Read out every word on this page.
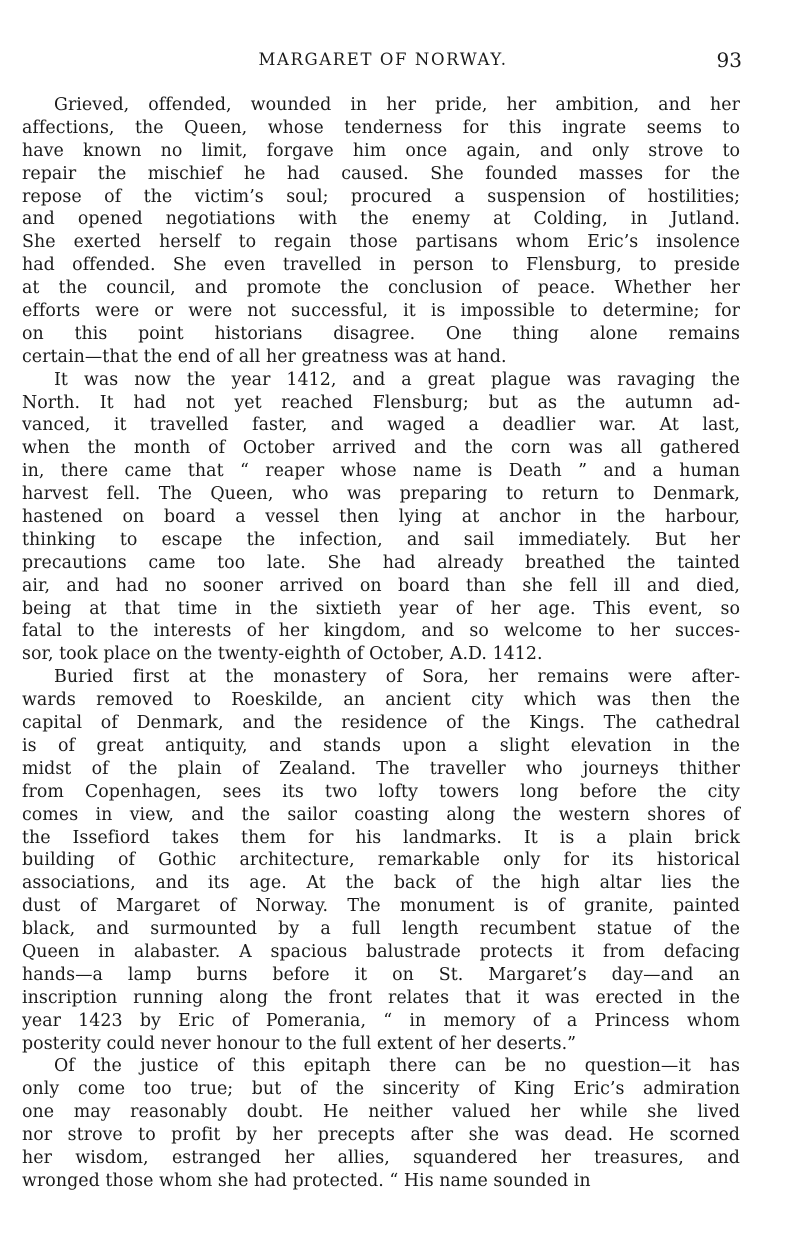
MARGARET OF NORWAY.	93
Grieved, offended, wounded in her pride, her ambition, and her
affections, the Queen, whose tenderness for this ingrate seems to
have known no limit, forgave him once again, and only strove to
repair the mischief he had caused. She founded masses for the
repose of the victim’s soul; procured a suspension of hostilities;
and opened negotiations with the enemy at Colding, in Jutland.
She exerted herself to regain those partisans whom Eric’s insolence
had offended. She even travelled in person to Flensburg, to preside
at the council, and promote the conclusion of peace. Whether her
efforts were or were not successful, it is impossible to determine; for
on this point historians disagree. One thing alone remains
certain—that the end of all her greatness was at hand.
It was now the year 1412, and a great plague was ravaging the
North. It had not yet reached Flensburg; but as the autumn ad-
vanced, it travelled faster, and waged a deadlier war. At last,
when the month of October arrived and the corn was all gathered
in, there came that “ reaper whose name is Death ” and a human
harvest fell. The Queen, who was preparing to return to Denmark,
hastened on board a vessel then lying at anchor in the harbour,
thinking to escape the infection, and sail immediately. But her
precautions came too late. She had already breathed the tainted
air, and had no sooner arrived on board than she fell ill and died,
being at that time in the sixtieth year of her age. This event, so
fatal to the interests of her kingdom, and so welcome to her succes-
sor, took place on the twenty-eighth of October, A.D. 1412.
Buried first at the monastery of Sora, her remains were after-
wards removed to Roeskilde, an ancient city which was then the
capital of Denmark, and the residence of the Kings. The cathedral
is of great antiquity, and stands upon a slight elevation in the
midst of the plain of Zealand. The traveller who journeys thither
from Copenhagen, sees its two lofty towers long before the city
comes in view, and the sailor coasting along the western shores of
the Issefiord takes them for his landmarks. It is a plain brick
building of Gothic architecture, remarkable only for its historical
associations, and its age. At the back of the high altar lies the
dust of Margaret of Norway. The monument is of granite, painted
black, and surmounted by a full length recumbent statue of the
Queen in alabaster. A spacious balustrade protects it from defacing
hands—a lamp burns before it on St. Margaret’s day—and an
inscription running along the front relates that it was erected in the
year 1423 by Eric of Pomerania, “ in memory of a Princess whom
posterity could never honour to the full extent of her deserts.”
Of the justice of this epitaph there can be no question—it has
only come too true; but of the sincerity of King Eric’s admiration
one may reasonably doubt. He neither valued her while she lived
nor strove to profit by her precepts after she was dead. He scorned
her wisdom, estranged her allies, squandered her treasures, and
wronged those whom she had protected. “ His name sounded in
